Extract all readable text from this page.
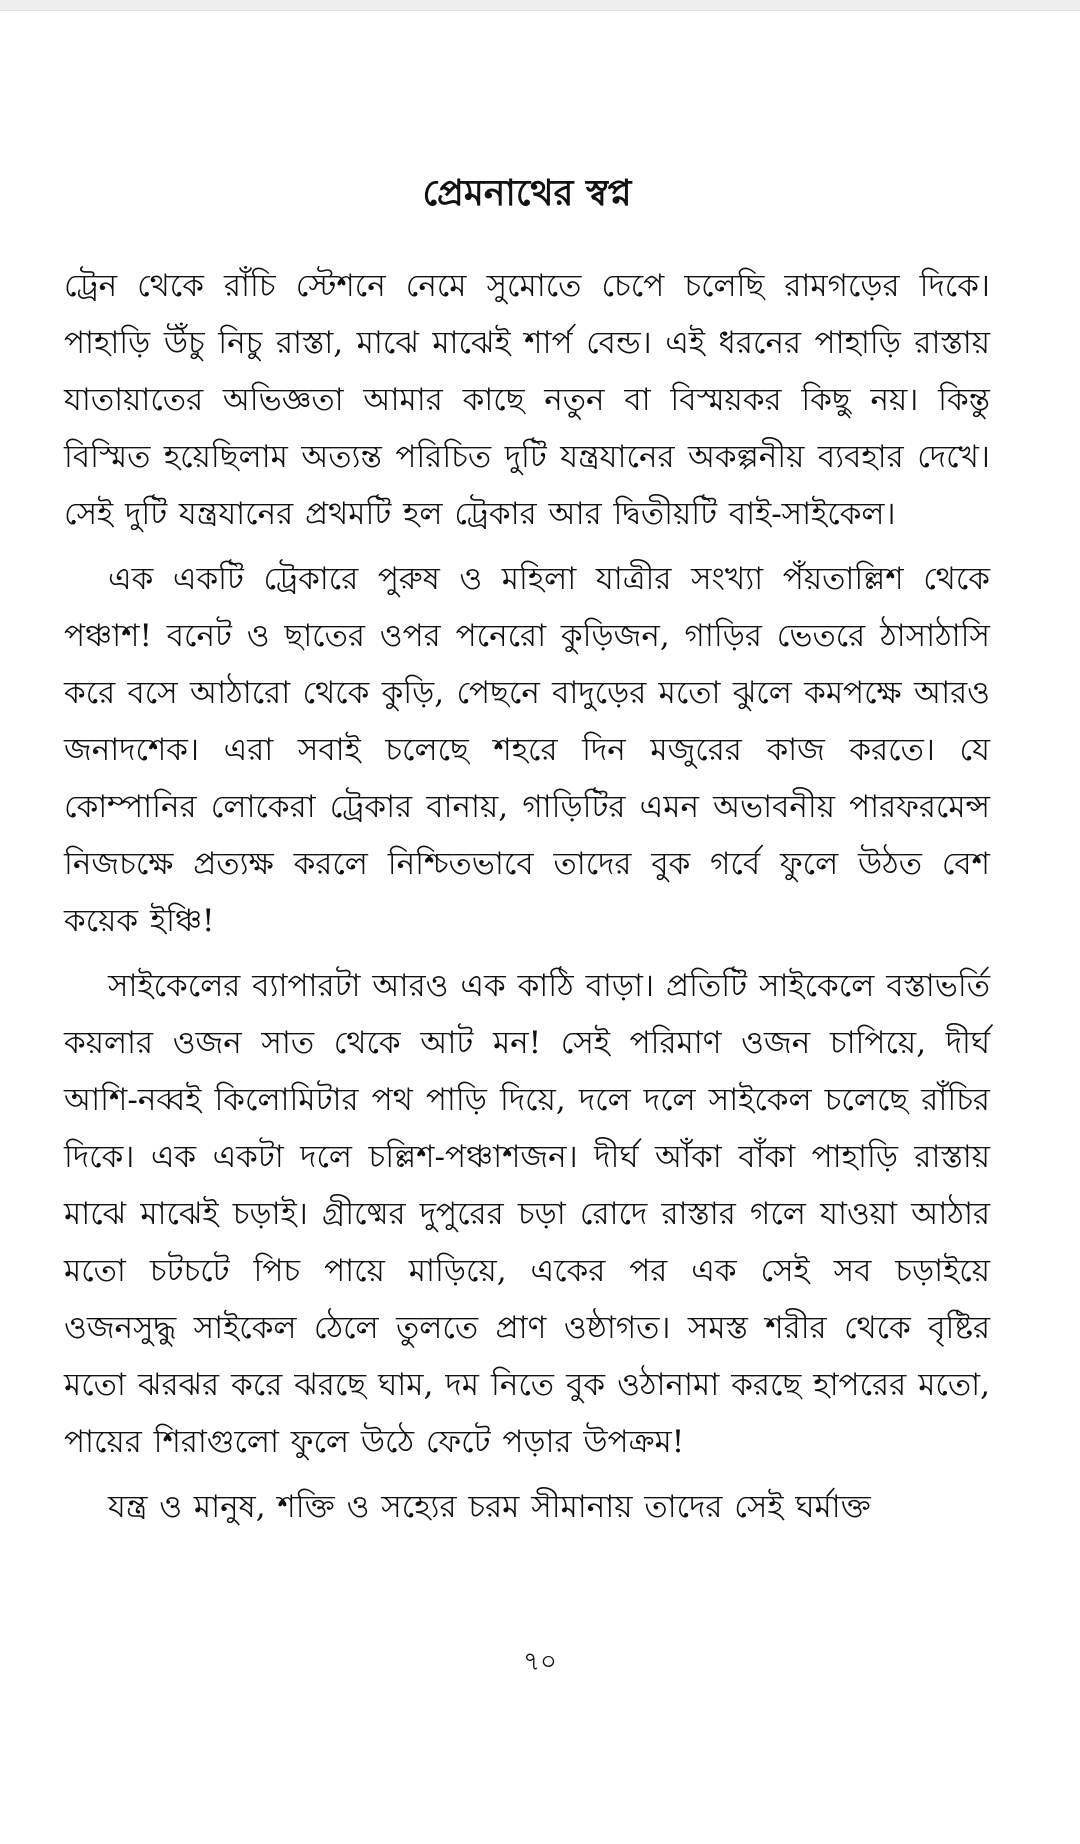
প্রেমনাথের স্বপ্ন

ট্রেন থেকে রাঁচি স্টেশনে নেমে সুমোতে চেপে চলেছি রামগড়ের দিকে। পাহাড়ি উঁচু নিচু রাস্তা, মাঝে মাঝেই শার্প বেন্ড। এই ধরনের পাহাড়ি রাস্তায় যাতায়াতের অভিজ্ঞতা আমার কাছে নতুন বা বিস্ময়কর কিছু নয়। কিন্তু বিস্মিত হয়েছিলাম অত্যন্ত পরিচিত দুটি যন্ত্রযানের অকল্পনীয় ব্যবহার দেখে। সেই দুটি যন্ত্রযানের প্রথমটি হল ট্রেকার আর দ্বিতীয়টি বাই-সাইকেল।

এক একটি ট্রেকারে পুরুষ ও মহিলা যাত্রীর সংখ্যা পঁয়তাল্লিশ থেকে পঞ্চাশ! বনেট ও ছাতের ওপর পনেরো কুড়িজন, গাড়ির ভেতরে ঠাসাঠাসি করে বসে আঠারো থেকে কুড়ি, পেছনে বাদুড়ের মতো ঝুলে কমপক্ষে আরও জনাদশেক। এরা সবাই চলেছে শহরে দিন মজুরের কাজ করতে। যে কোম্পানির লোকেরা ট্রেকার বানায়, গাড়িটির এমন অভাবনীয় পারফরমেন্স নিজচক্ষে প্রত্যক্ষ করলে নিশ্চিতভাবে তাদের বুক গর্বে ফুলে উঠত বেশ কয়েক ইঞ্চি!

সাইকেলের ব্যাপারটা আরও এক কাঠি বাড়া। প্রতিটি সাইকেলে বস্তাভর্তি কয়লার ওজন সাত থেকে আট মন! সেই পরিমাণ ওজন চাপিয়ে, দীর্ঘ আশি-নব্বই কিলোমিটার পথ পাড়ি দিয়ে, দলে দলে সাইকেল চলেছে রাঁচির দিকে। এক একটা দলে চল্লিশ-পঞ্চাশজন। দীর্ঘ আঁকা বাঁকা পাহাড়ি রাস্তায় মাঝে মাঝেই চড়াই। গ্রীষ্মের দুপুরের চড়া রোদে রাস্তার গলে যাওয়া আঠার মতো চটচটে পিচ পায়ে মাড়িয়ে, একের পর এক সেই সব চড়াইয়ে ওজনসুদ্ধু সাইকেল ঠেলে তুলতে প্রাণ ওষ্ঠাগত। সমস্ত শরীর থেকে বৃষ্টির মতো ঝরঝর করে ঝরছে ঘাম, দম নিতে বুক ওঠানামা করছে হাপরের মতো, পায়ের শিরাগুলো ফুলে উঠে ফেটে পড়ার উপক্রম!

যন্ত্র ও মানুষ, শক্তি ও সহ্যের চরম সীমানায় তাদের সেই ঘর্মাক্ত

৭০
